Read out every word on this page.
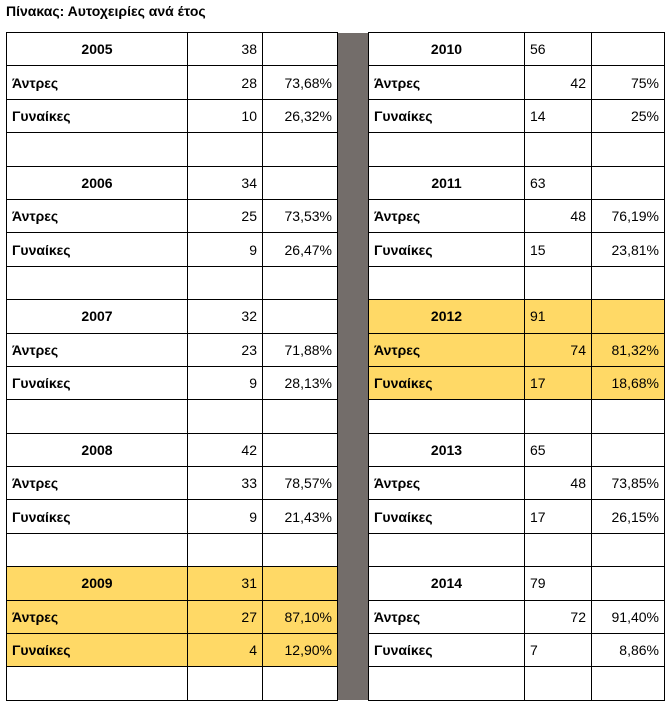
Πίνακας: Αυτοχειρίες ανά έτος
2005	38			2010	56	
Άντρες	28	73,68%		Άντρες	42	75%
Γυναίκες	10	26,32%		Γυναίκες	14	25%

2006	34			2011	63	
Άντρες	25	73,53%		Άντρες	48	76,19%
Γυναίκες	9	26,47%		Γυναίκες	15	23,81%

2007	32			2012	91	
Άντρες	23	71,88%		Άντρες	74	81,32%
Γυναίκες	9	28,13%		Γυναίκες	17	18,68%

2008	42			2013	65	
Άντρες	33	78,57%		Άντρες	48	73,85%
Γυναίκες	9	21,43%		Γυναίκες	17	26,15%

2009	31			2014	79	
Άντρες	27	87,10%		Άντρες	72	91,40%
Γυναίκες	4	12,90%		Γυναίκες	7	8,86%
